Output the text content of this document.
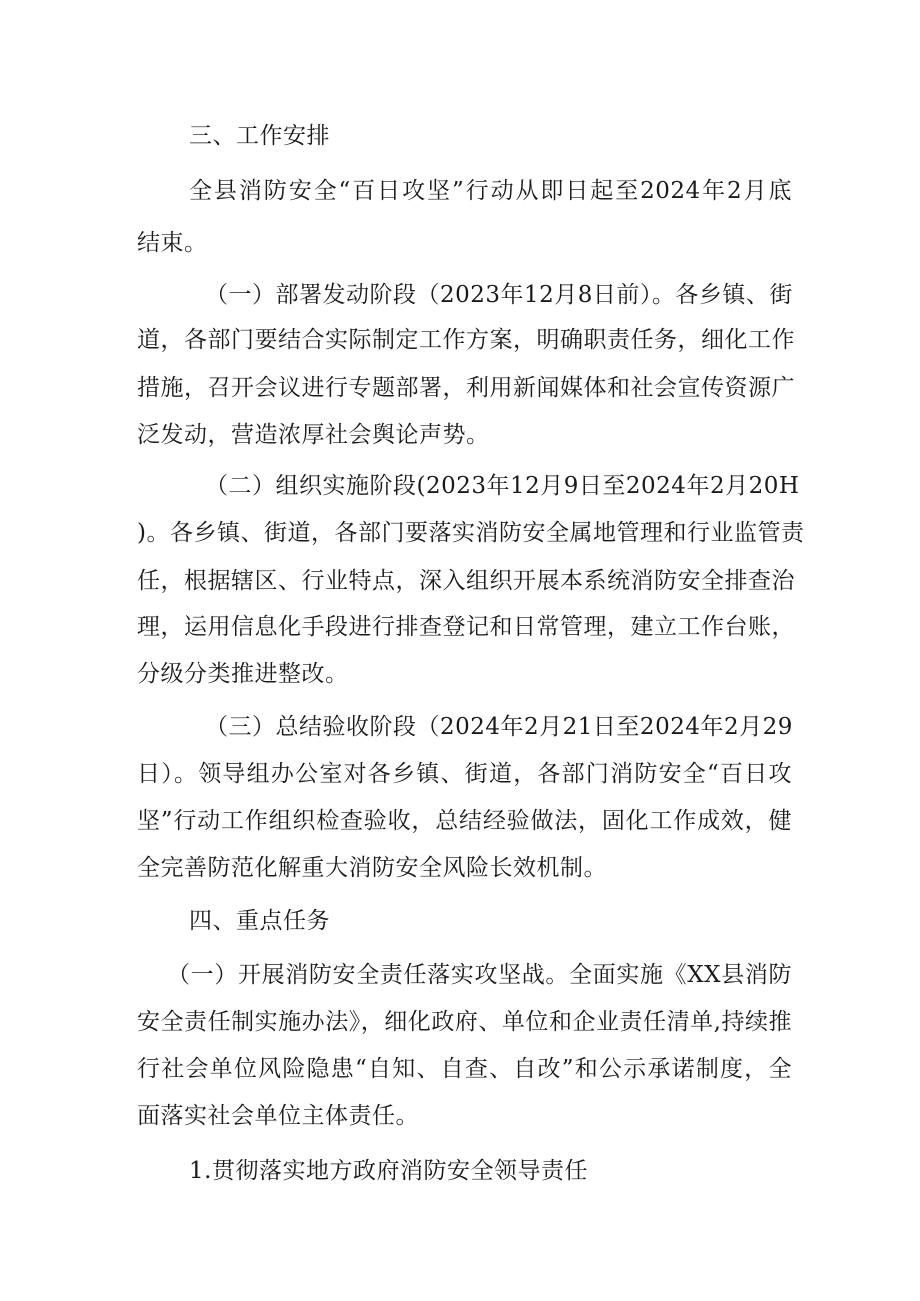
三、工作安排
全县消防安全“百日攻坚”行动从即日起至2024年2月底
结束。
（一）部署发动阶段（2023年12月8日前）。各乡镇、街
道，各部门要结合实际制定工作方案，明确职责任务，细化工作
措施，召开会议进行专题部署，利用新闻媒体和社会宣传资源广
泛发动，营造浓厚社会舆论声势。
（二）组织实施阶段(2023年12月9日至2024年2月20H
)。各乡镇、街道，各部门要落实消防安全属地管理和行业监管责
任，根据辖区、行业特点，深入组织开展本系统消防安全排查治
理，运用信息化手段进行排查登记和日常管理，建立工作台账，
分级分类推进整改。
（三）总结验收阶段（2024年2月21日至2024年2月29
日）。领导组办公室对各乡镇、街道，各部门消防安全“百日攻
坚”行动工作组织检查验收，总结经验做法，固化工作成效，健
全完善防范化解重大消防安全风险长效机制。
四、重点任务
（一）开展消防安全责任落实攻坚战。全面实施《XX县消防
安全责任制实施办法》，细化政府、单位和企业责任清单,持续推
行社会单位风险隐患“自知、自查、自改”和公示承诺制度，全
面落实社会单位主体责任。
1.贯彻落实地方政府消防安全领导责任
